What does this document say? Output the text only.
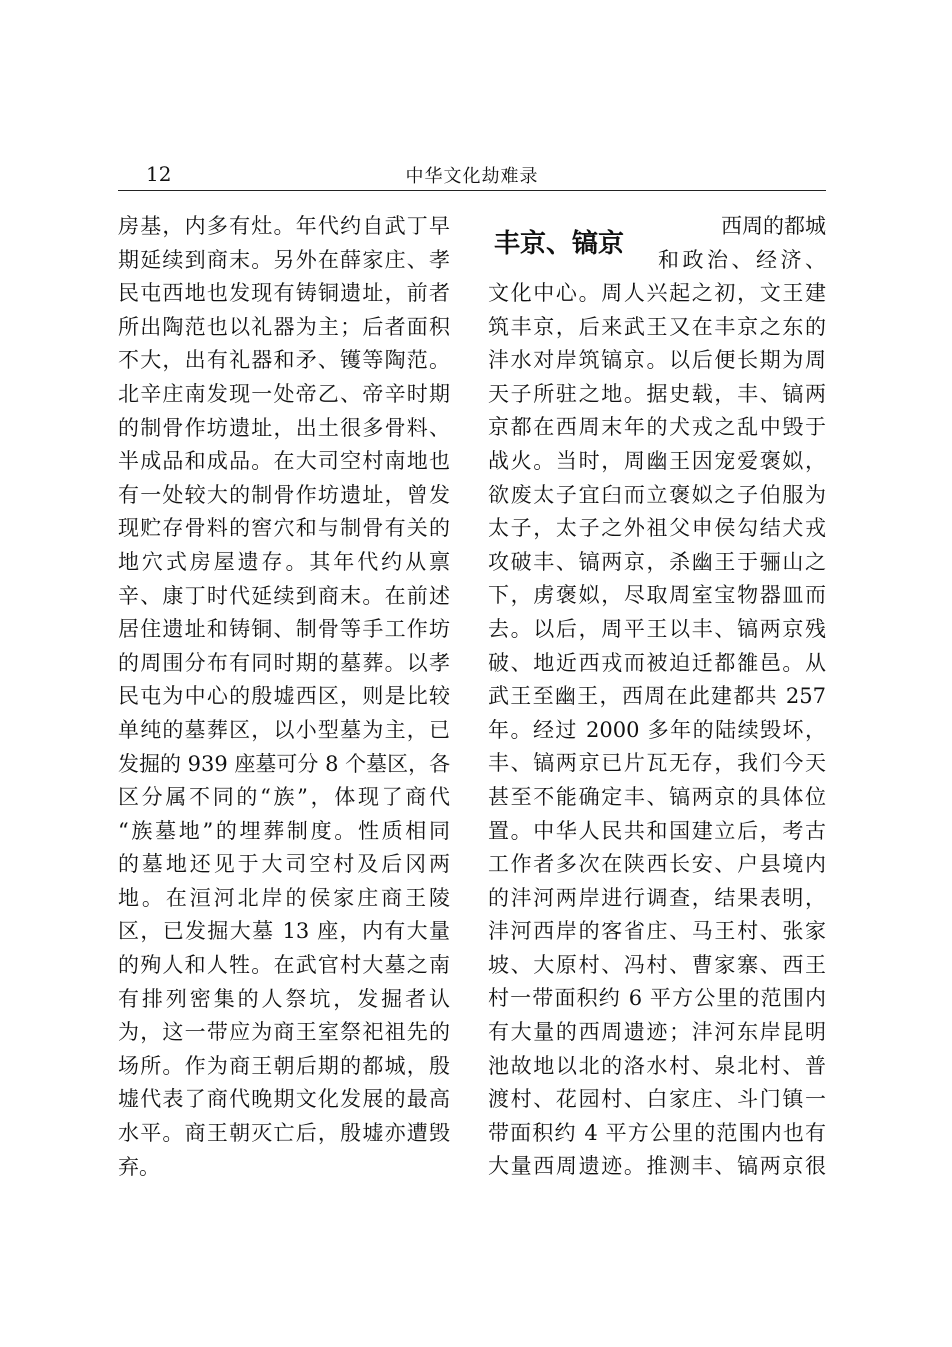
12	中华文化劫难录
房基，内多有灶。年代约自武丁早
期延续到商末。另外在薛家庄、孝
民屯西地也发现有铸铜遗址，前者
所出陶范也以礼器为主；后者面积
不大，出有礼器和矛、镬等陶范。
北辛庄南发现一处帝乙、帝辛时期
的制骨作坊遗址，出土很多骨料、
半成品和成品。在大司空村南地也
有一处较大的制骨作坊遗址，曾发
现贮存骨料的窖穴和与制骨有关的
地穴式房屋遗存。其年代约从禀
辛、康丁时代延续到商末。在前述
居住遗址和铸铜、制骨等手工作坊
的周围分布有同时期的墓葬。以孝
民屯为中心的殷墟西区，则是比较
单纯的墓葬区，以小型墓为主，已
发掘的 939 座墓可分 8 个墓区，各
区分属不同的“族”，体现了商代
“族墓地”的埋葬制度。性质相同
的墓地还见于大司空村及后冈两
地。在洹河北岸的侯家庄商王陵
区，已发掘大墓 13 座，内有大量
的殉人和人牲。在武官村大墓之南
有排列密集的人祭坑，发掘者认
为，这一带应为商王室祭祀祖先的
场所。作为商王朝后期的都城，殷
墟代表了商代晚期文化发展的最高
水平。商王朝灭亡后，殷墟亦遭毁
弃。
丰京、镐京
西周的都城
和政治、经济、
文化中心。周人兴起之初，文王建
筑丰京，后来武王又在丰京之东的
沣水对岸筑镐京。以后便长期为周
天子所驻之地。据史载，丰、镐两
京都在西周末年的犬戎之乱中毁于
战火。当时，周幽王因宠爱褒姒，
欲废太子宜臼而立褒姒之子伯服为
太子，太子之外祖父申侯勾结犬戎
攻破丰、镐两京，杀幽王于骊山之
下，虏褒姒，尽取周室宝物器皿而
去。以后，周平王以丰、镐两京残
破、地近西戎而被迫迁都雒邑。从
武王至幽王，西周在此建都共 257
年。经过 2000 多年的陆续毁坏，
丰、镐两京已片瓦无存，我们今天
甚至不能确定丰、镐两京的具体位
置。中华人民共和国建立后，考古
工作者多次在陕西长安、户县境内
的沣河两岸进行调查，结果表明，
沣河西岸的客省庄、马王村、张家
坡、大原村、冯村、曹家寨、西王
村一带面积约 6 平方公里的范围内
有大量的西周遗迹；沣河东岸昆明
池故地以北的洛水村、泉北村、普
渡村、花园村、白家庄、斗门镇一
带面积约 4 平方公里的范围内也有
大量西周遗迹。推测丰、镐两京很
